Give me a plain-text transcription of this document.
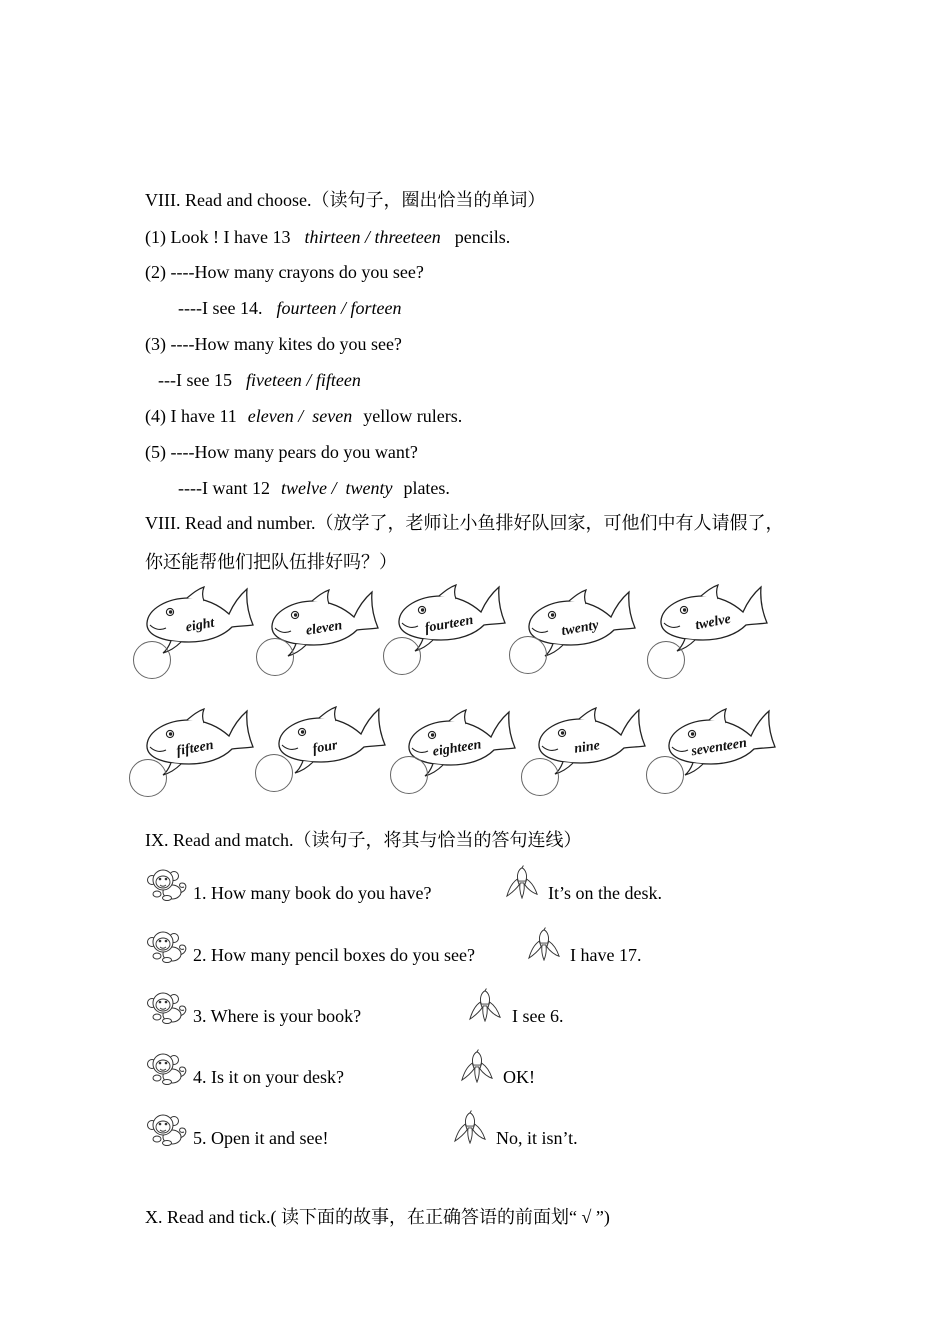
VIII. Read and choose.（读句子，圈出恰当的单词）
(1) Look ! I have 13 thirteen / threeteen pencils.
(2) ----How many crayons do you see?
----I see 14. fourteen / forteen
(3) ----How many kites do you see?
---I see 15 fiveteen / fifteen
(4) I have 11 eleven /  seven yellow rulers.
(5) ----How many pears do you want?
----I want 12 twelve /  twenty plates.
VIII. Read and number.（放学了，老师让小鱼排好队回家，可他们中有人请假了，
你还能帮他们把队伍排好吗？）
eight	eleven	fourteen	twenty	twelve
fifteen	four	eighteen	nine	seventeen
IX. Read and match.（读句子，将其与恰当的答句连线）
1. How many book do you have?	It’s on the desk.
2. How many pencil boxes do you see?	I have 17.
3. Where is your book?	I see 6.
4. Is it on your desk?	OK!
5. Open it and see!	No, it isn’t.
X. Read and tick.( 读下面的故事，在正确答语的前面划“ √ ”)
